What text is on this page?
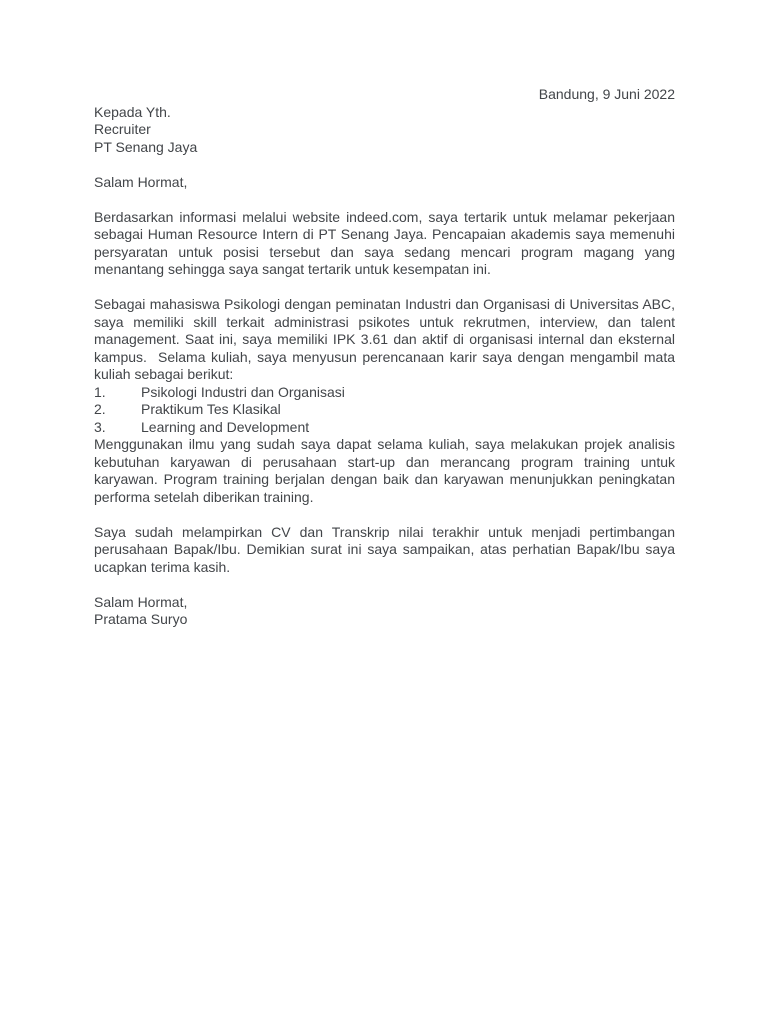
Bandung, 9 Juni 2022
Kepada Yth.
Recruiter
PT Senang Jaya
Salam Hormat,

Berdasarkan informasi melalui website indeed.com, saya tertarik untuk melamar pekerjaan sebagai Human Resource Intern di PT Senang Jaya. Pencapaian akademis saya memenuhi persyaratan untuk posisi tersebut dan saya sedang mencari program magang yang menantang sehingga saya sangat tertarik untuk kesempatan ini.

Sebagai mahasiswa Psikologi dengan peminatan Industri dan Organisasi di Universitas ABC, saya memiliki skill terkait administrasi psikotes untuk rekrutmen, interview, dan talent management. Saat ini, saya memiliki IPK 3.61 dan aktif di organisasi internal dan eksternal kampus.  Selama kuliah, saya menyusun perencanaan karir saya dengan mengambil mata kuliah sebagai berikut:

1.	Psikologi Industri dan Organisasi
2.	Praktikum Tes Klasikal
3.	Learning and Development

Menggunakan ilmu yang sudah saya dapat selama kuliah, saya melakukan projek analisis kebutuhan karyawan di perusahaan start-up dan merancang program training untuk karyawan. Program training berjalan dengan baik dan karyawan menunjukkan peningkatan performa setelah diberikan training.

Saya sudah melampirkan CV dan Transkrip nilai terakhir untuk menjadi pertimbangan perusahaan Bapak/Ibu. Demikian surat ini saya sampaikan, atas perhatian Bapak/Ibu saya ucapkan terima kasih.

Salam Hormat,
Pratama Suryo
